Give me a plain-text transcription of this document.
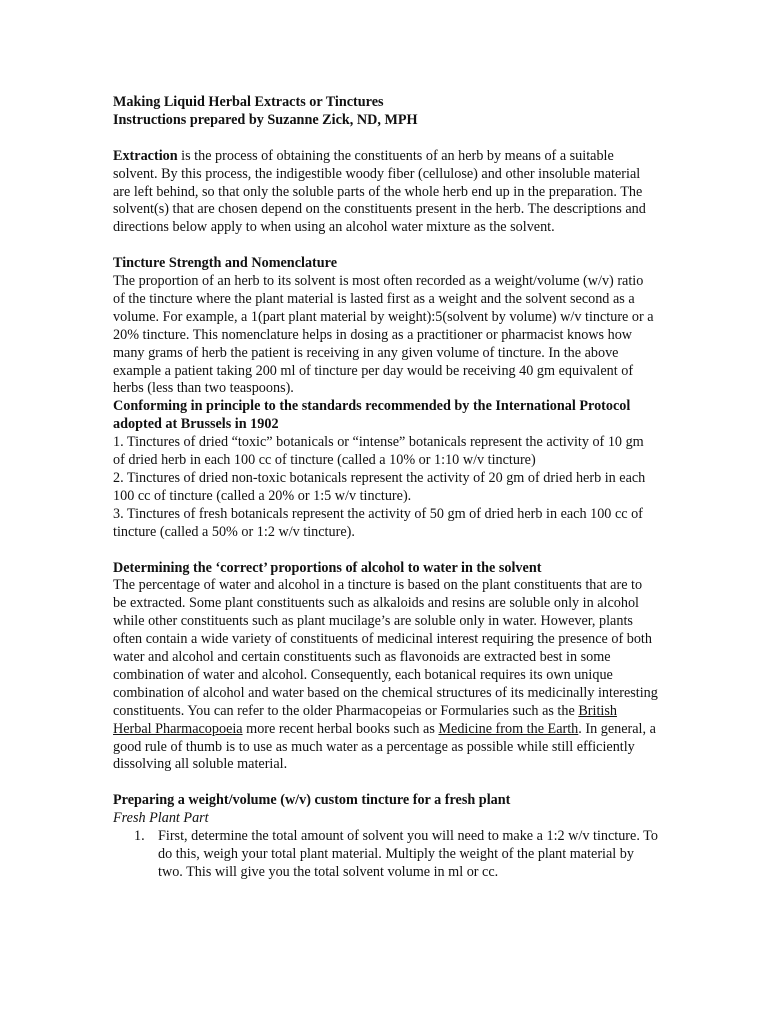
Making Liquid Herbal Extracts or Tinctures

Instructions prepared by Suzanne Zick, ND, MPH

Extraction is the process of obtaining the constituents of an herb by means of a suitable solvent. By this process, the indigestible woody fiber (cellulose) and other insoluble material are left behind, so that only the soluble parts of the whole herb end up in the preparation. The solvent(s) that are chosen depend on the constituents present in the herb. The descriptions and directions below apply to when using an alcohol water mixture as the solvent.

Tincture Strength and Nomenclature

The proportion of an herb to its solvent is most often recorded as a weight/volume (w/v) ratio of the tincture where the plant material is lasted first as a weight and the solvent second as a volume. For example, a 1(part plant material by weight):5(solvent by volume) w/v tincture or a 20% tincture. This nomenclature helps in dosing as a practitioner or pharmacist knows how many grams of herb the patient is receiving in any given volume of tincture. In the above example a patient taking 200 ml of tincture per day would be receiving 40 gm equivalent of herbs (less than two teaspoons).

Conforming in principle to the standards recommended by the International Protocol adopted at Brussels in 1902

1. Tinctures of dried “toxic” botanicals or “intense” botanicals represent the activity of 10 gm of dried herb in each 100 cc of tincture (called a 10% or 1:10 w/v tincture)

2. Tinctures of dried non-toxic botanicals represent the activity of 20 gm of dried herb in each 100 cc of tincture (called a 20% or 1:5 w/v tincture).

3. Tinctures of fresh botanicals represent the activity of 50 gm of dried herb in each 100 cc of tincture (called a 50% or 1:2 w/v tincture).

Determining the ‘correct’ proportions of alcohol to water in the solvent

The percentage of water and alcohol in a tincture is based on the plant constituents that are to be extracted. Some plant constituents such as alkaloids and resins are soluble only in alcohol while other constituents such as plant mucilage’s are soluble only in water. However, plants often contain a wide variety of constituents of medicinal interest requiring the presence of both water and alcohol and certain constituents such as flavonoids are extracted best in some combination of water and alcohol. Consequently, each botanical requires its own unique combination of alcohol and water based on the chemical structures of its medicinally interesting constituents. You can refer to the older Pharmacopeias or Formularies such as the British Herbal Pharmacopoeia more recent herbal books such as Medicine from the Earth. In general, a good rule of thumb is to use as much water as a percentage as possible while still efficiently dissolving all soluble material.

Preparing a weight/volume (w/v) custom tincture for a fresh plant

Fresh Plant Part

1. First, determine the total amount of solvent you will need to make a 1:2 w/v tincture. To do this, weigh your total plant material. Multiply the weight of the plant material by two. This will give you the total solvent volume in ml or cc.
